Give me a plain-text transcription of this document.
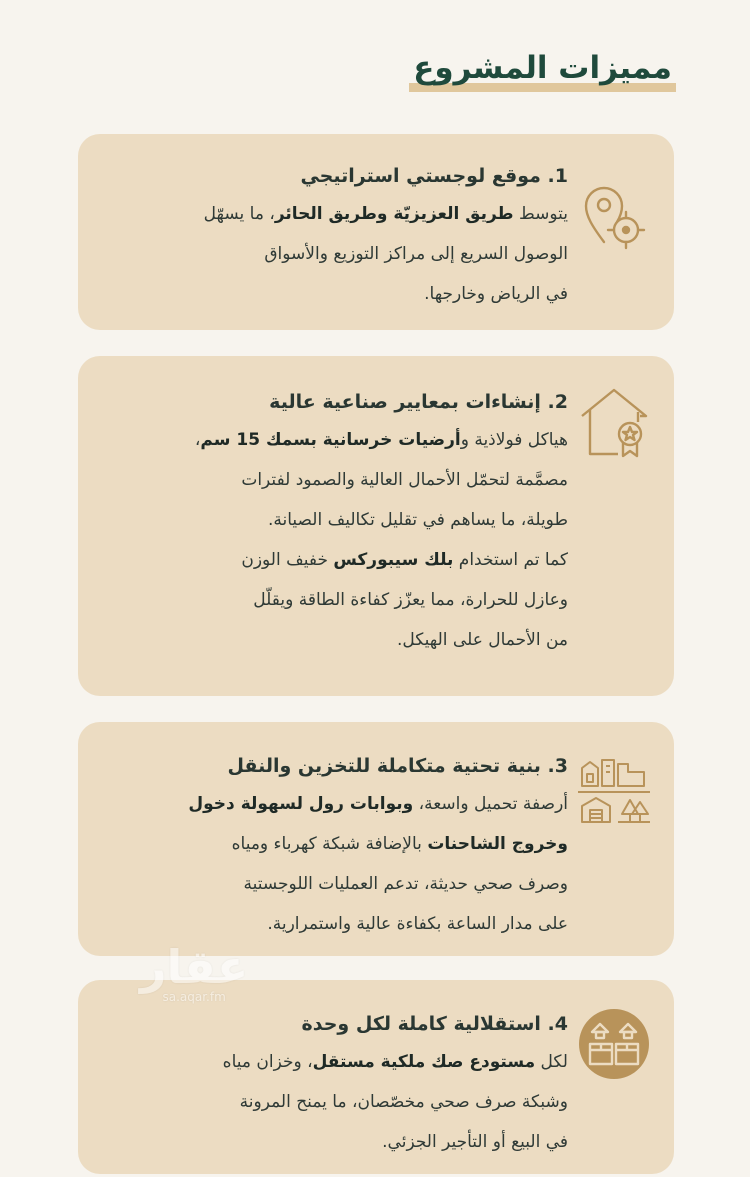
مميزات المشروع
1. موقع لوجستي استراتيجي
يتوسط طريق العزيزيّة وطريق الحائر، ما يسهّل
الوصول السريع إلى مراكز التوزيع والأسواق
في الرياض وخارجها.
2. إنشاءات بمعايير صناعية عالية
هياكل فولاذية وأرضيات خرسانية بسمك 15 سم،
مصمَّمة لتحمّل الأحمال العالية والصمود لفترات
طويلة، ما يساهم في تقليل تكاليف الصيانة.
كما تم استخدام بلك سيبوركس خفيف الوزن
وعازل للحرارة، مما يعزّز كفاءة الطاقة ويقلّل
من الأحمال على الهيكل.
3. بنية تحتية متكاملة للتخزين والنقل
أرصفة تحميل واسعة، وبوابات رول لسهولة دخول
وخروج الشاحنات بالإضافة شبكة كهرباء ومياه
وصرف صحي حديثة، تدعم العمليات اللوجستية
على مدار الساعة بكفاءة عالية واستمرارية.
4. استقلالية كاملة لكل وحدة
لكل مستودع صك ملكية مستقل، وخزان مياه
وشبكة صرف صحي مخصّصان، ما يمنح المرونة
في البيع أو التأجير الجزئي.
عقار
sa.aqar.fm
